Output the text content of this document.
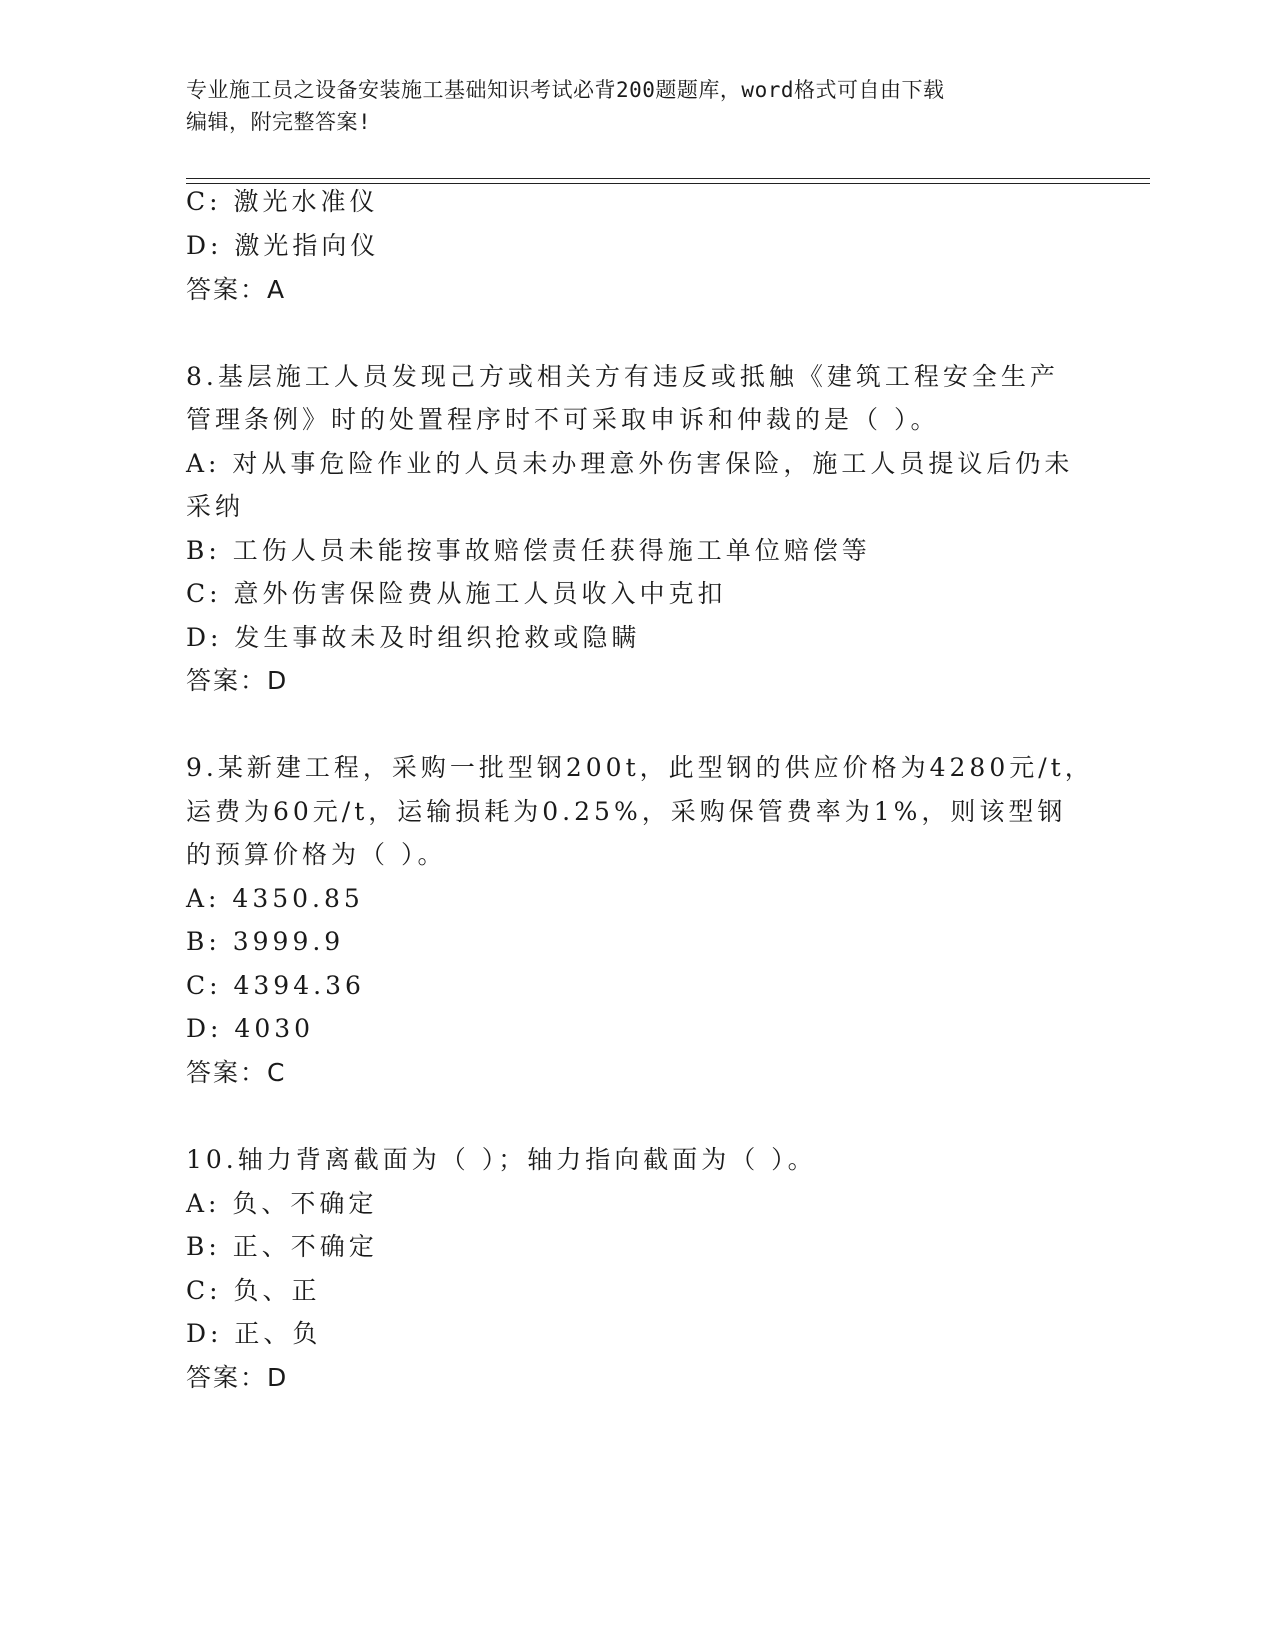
专业施工员之设备安装施工基础知识考试必背200题题库，word格式可自由下载
编辑，附完整答案!
C: 激光水准仪
D: 激光指向仪
答案：A
8.基层施工人员发现己方或相关方有违反或抵触《建筑工程安全生产
管理条例》时的处置程序时不可采取申诉和仲裁的是（ ）。
A: 对从事危险作业的人员未办理意外伤害保险，施工人员提议后仍未
采纳
B: 工伤人员未能按事故赔偿责任获得施工单位赔偿等
C: 意外伤害保险费从施工人员收入中克扣
D: 发生事故未及时组织抢救或隐瞒
答案：D
9.某新建工程，采购一批型钢200t，此型钢的供应价格为4280元/t，
运费为60元/t，运输损耗为0.25%，采购保管费率为1%，则该型钢
的预算价格为（ ）。
A: 4350.85
B: 3999.9
C: 4394.36
D: 4030
答案：C
10.轴力背离截面为（ ）；轴力指向截面为（ ）。
A: 负、不确定
B: 正、不确定
C: 负、正
D: 正、负
答案：D
